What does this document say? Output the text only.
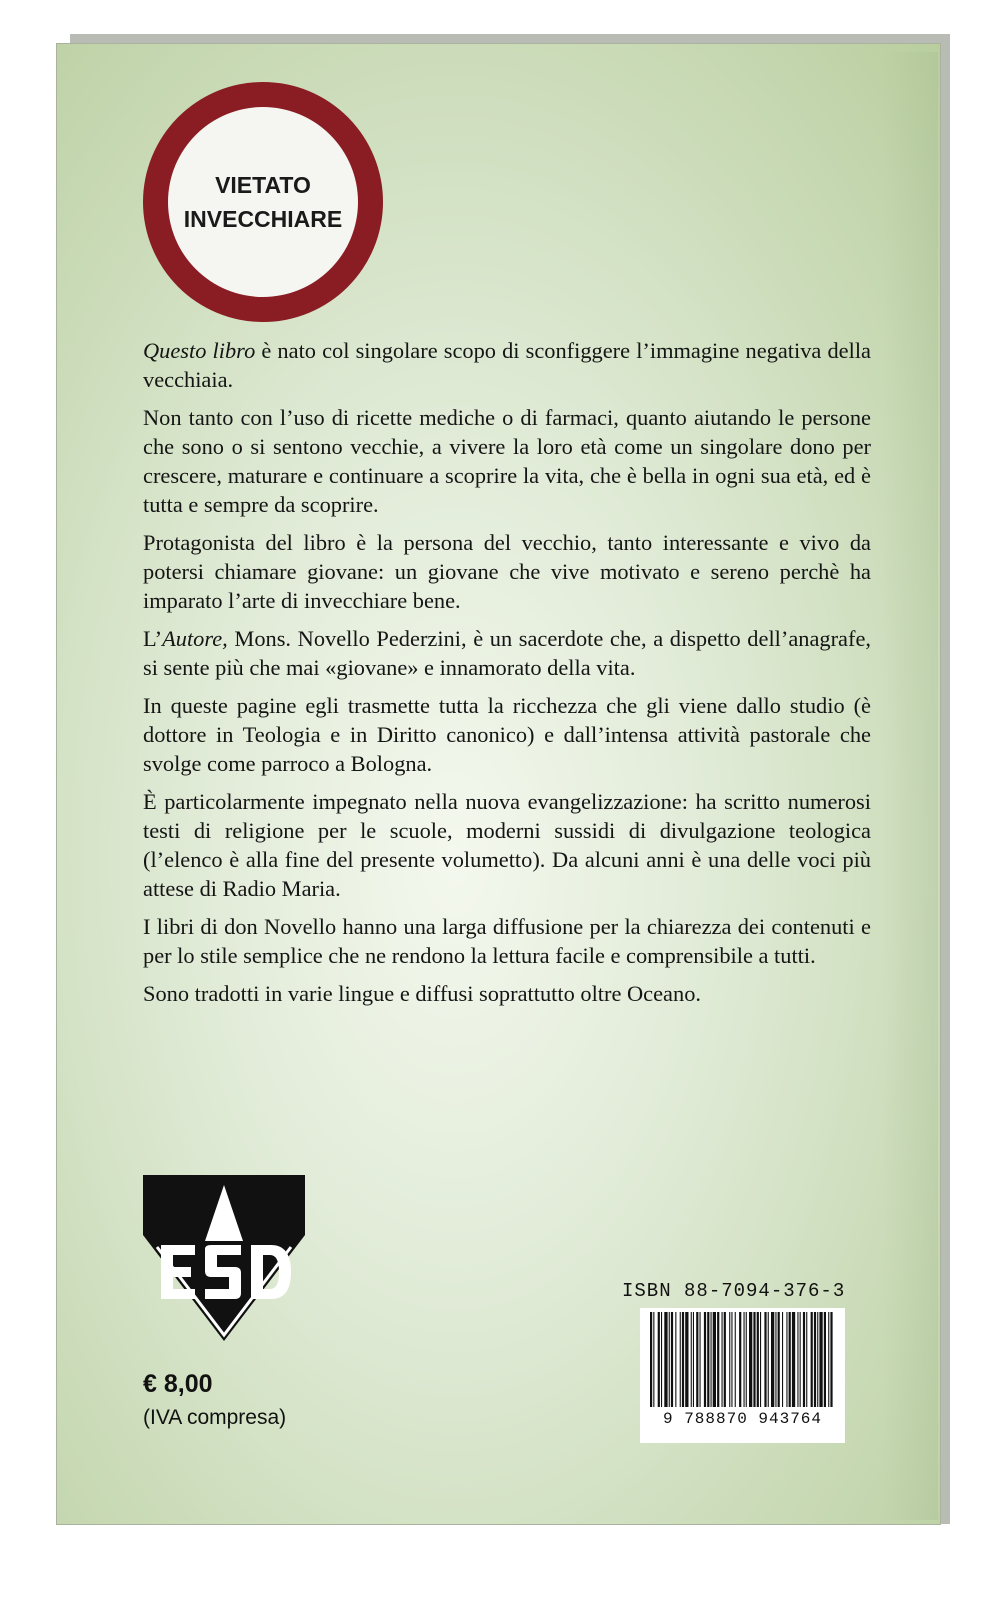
VIETATO
INVECCHIARE

Questo libro è nato col singolare scopo di sconfiggere l’immagine negativa della vecchiaia.

Non tanto con l’uso di ricette mediche o di farmaci, quanto aiutando le persone che sono o si sentono vecchie, a vivere la loro età come un singolare dono per crescere, maturare e continuare a scoprire la vita, che è bella in ogni sua età, ed è tutta e sempre da scoprire.

Protagonista del libro è la persona del vecchio, tanto interessante e vivo da potersi chiamare giovane: un giovane che vive motivato e sereno perchè ha imparato l’arte di invecchiare bene.

L’Autore, Mons. Novello Pederzini, è un sacerdote che, a dispetto dell’anagrafe, si sente più che mai «giovane» e innamorato della vita.

In queste pagine egli trasmette tutta la ricchezza che gli viene dallo studio (è dottore in Teologia e in Diritto canonico) e dall’intensa attività pastorale che svolge come parroco a Bologna.

È particolarmente impegnato nella nuova evangelizzazione: ha scritto numerosi testi di religione per le scuole, moderni sussidi di divulgazione teologica (l’elenco è alla fine del presente volumetto). Da alcuni anni è una delle voci più attese di Radio Maria.

I libri di don Novello hanno una larga diffusione per la chiarezza dei contenuti e per lo stile semplice che ne rendono la lettura facile e comprensibile a tutti.

Sono tradotti in varie lingue e diffusi soprattutto oltre Oceano.

€ 8,00
(IVA compresa)
ISBN 88-7094-376-3
9 788870 943764
